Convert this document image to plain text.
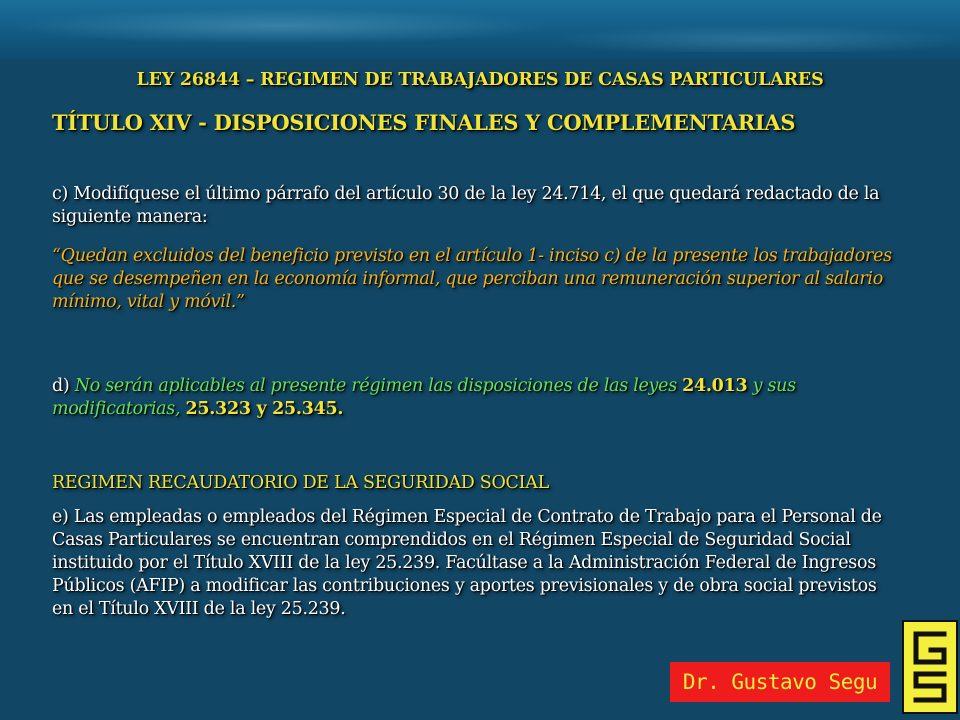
LEY 26844 – REGIMEN DE TRABAJADORES DE CASAS PARTICULARES
TÍTULO XIV - DISPOSICIONES FINALES Y COMPLEMENTARIAS
c) Modifíquese el último párrafo del artículo 30 de la ley 24.714, el que quedará redactado de la siguiente manera:
“Quedan excluidos del beneficio previsto en el artículo 1- inciso c) de la presente los trabajadores que se desempeñen en la economía informal, que perciban una remuneración superior al salario mínimo, vital y móvil.”
d) No serán aplicables al presente régimen las disposiciones de las leyes 24.013 y sus modificatorias, 25.323 y 25.345.
REGIMEN RECAUDATORIO DE LA SEGURIDAD SOCIAL
e) Las empleadas o empleados del Régimen Especial de Contrato de Trabajo para el Personal de Casas Particulares se encuentran comprendidos en el Régimen Especial de Seguridad Social instituido por el Título XVIII de la ley 25.239. Facúltase a la Administración Federal de Ingresos Públicos (AFIP) a modificar las contribuciones y aportes previsionales y de obra social previstos en el Título XVIII de la ley 25.239.
Dr. Gustavo Segu
